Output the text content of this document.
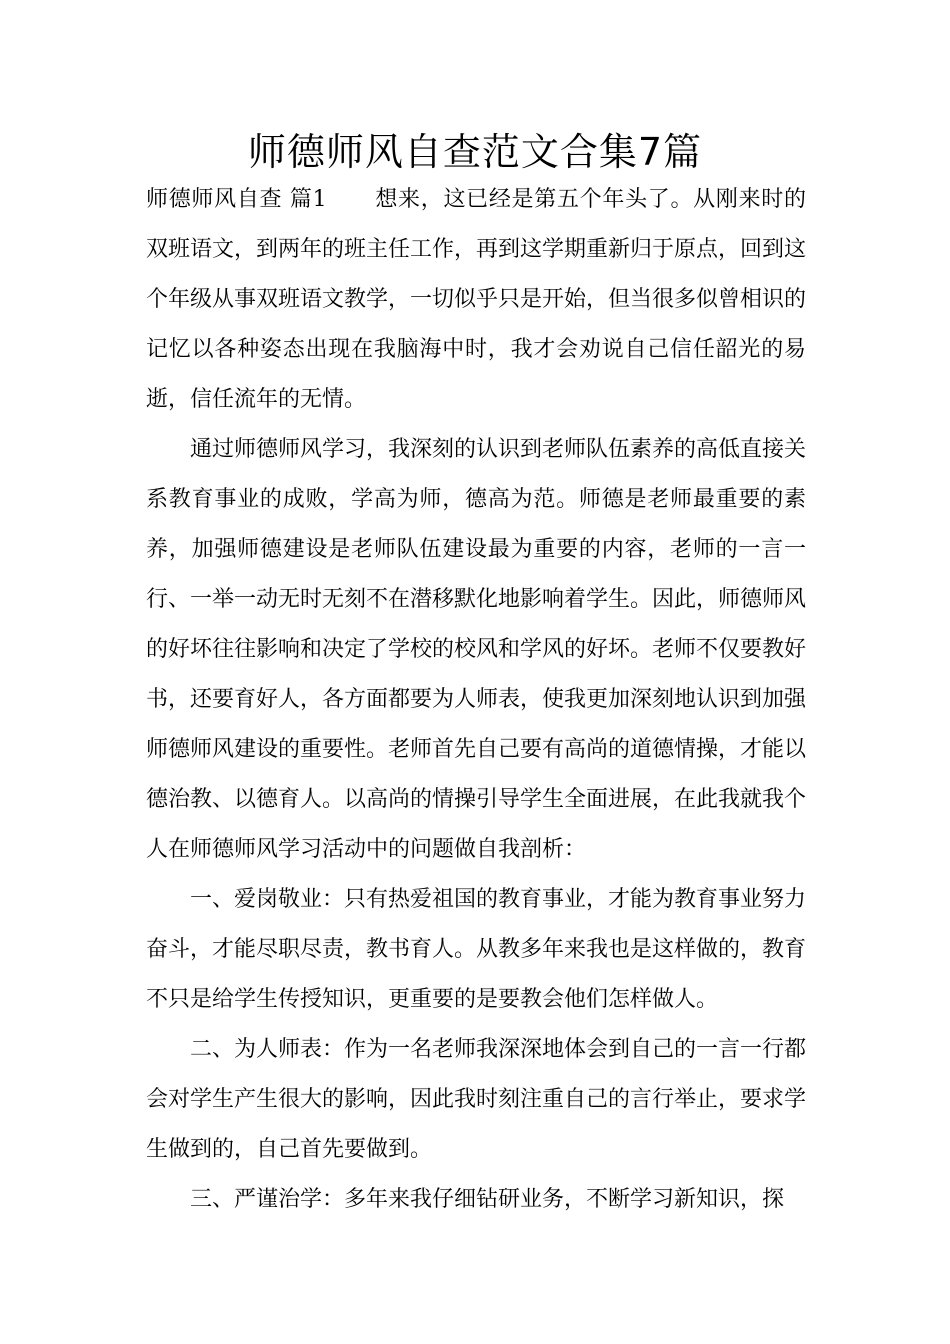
师德师风自查范文合集7篇

师德师风自查 篇1 想来，这已经是第五个年头了。从刚来时的双班语文，到两年的班主任工作，再到这学期重新归于原点，回到这个年级从事双班语文教学，一切似乎只是开始，但当很多似曾相识的记忆以各种姿态出现在我脑海中时，我才会劝说自己信任韶光的易逝，信任流年的无情。

通过师德师风学习，我深刻的认识到老师队伍素养的高低直接关系教育事业的成败，学高为师，德高为范。师德是老师最重要的素养，加强师德建设是老师队伍建设最为重要的内容，老师的一言一行、一举一动无时无刻不在潜移默化地影响着学生。因此，师德师风的好坏往往影响和决定了学校的校风和学风的好坏。老师不仅要教好书，还要育好人，各方面都要为人师表，使我更加深刻地认识到加强师德师风建设的重要性。老师首先自己要有高尚的道德情操，才能以德治教、以德育人。以高尚的情操引导学生全面进展，在此我就我个人在师德师风学习活动中的问题做自我剖析：

一、爱岗敬业：只有热爱祖国的教育事业，才能为教育事业努力奋斗，才能尽职尽责，教书育人。从教多年来我也是这样做的，教育不只是给学生传授知识，更重要的是要教会他们怎样做人。

二、为人师表：作为一名老师我深深地体会到自己的一言一行都会对学生产生很大的影响，因此我时刻注重自己的言行举止，要求学生做到的，自己首先要做到。

三、严谨治学：多年来我仔细钻研业务，不断学习新知识，探
